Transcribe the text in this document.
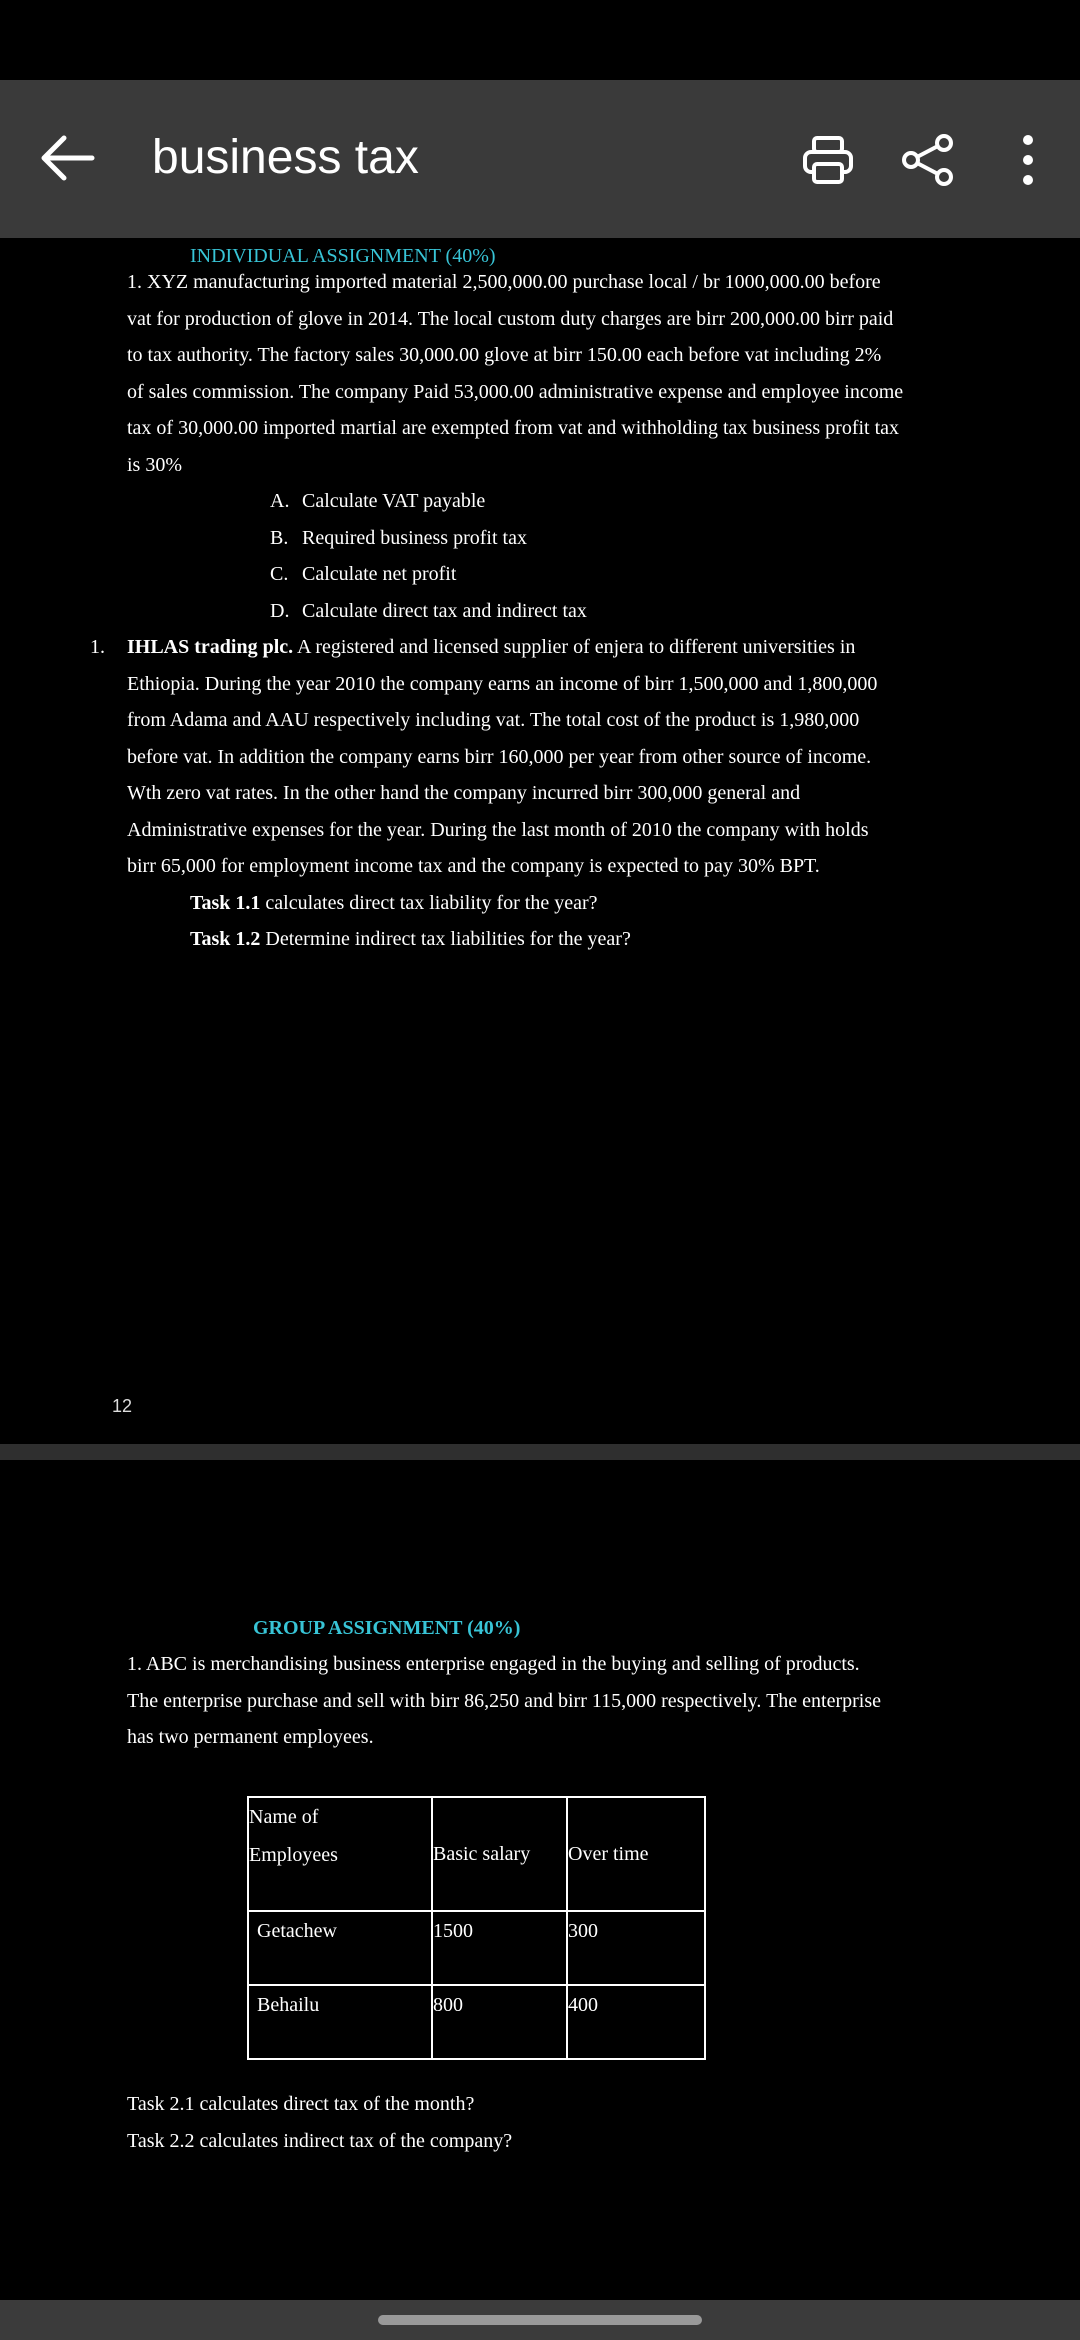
business tax
INDIVIDUAL ASSIGNMENT (40%)
1. XYZ manufacturing imported material 2,500,000.00 purchase local / br 1000,000.00 before
vat for production of glove in 2014. The local custom duty charges are birr 200,000.00 birr paid
to tax authority. The factory sales 30,000.00 glove at birr 150.00 each before vat including 2%
of sales commission. The company Paid 53,000.00 administrative expense and employee income
tax of 30,000.00 imported martial are exempted from vat and withholding tax business profit tax
is 30%
A. Calculate VAT payable
B. Required business profit tax
C. Calculate net profit
D. Calculate direct tax and indirect tax
1. IHLAS trading plc. A registered and licensed supplier of enjera to different universities in
Ethiopia. During the year 2010 the company earns an income of birr 1,500,000 and 1,800,000
from Adama and AAU respectively including vat. The total cost of the product is 1,980,000
before vat. In addition the company earns birr 160,000 per year from other source of income.
Wth zero vat rates. In the other hand the company incurred birr 300,000 general and
Administrative expenses for the year. During the last month of 2010 the company with holds
birr 65,000 for employment income tax and the company is expected to pay 30% BPT.
Task 1.1 calculates direct tax liability for the year?
Task 1.2 Determine indirect tax liabilities for the year?
12
GROUP ASSIGNMENT (40%)
1. ABC is merchandising business enterprise engaged in the buying and selling of products.
The enterprise purchase and sell with birr 86,250 and birr 115,000 respectively. The enterprise
has two permanent employees.
Name of
Employees	Basic salary	Over time
Getachew	1500	300
Behailu	800	400
Task 2.1 calculates direct tax of the month?
Task 2.2 calculates indirect tax of the company?
